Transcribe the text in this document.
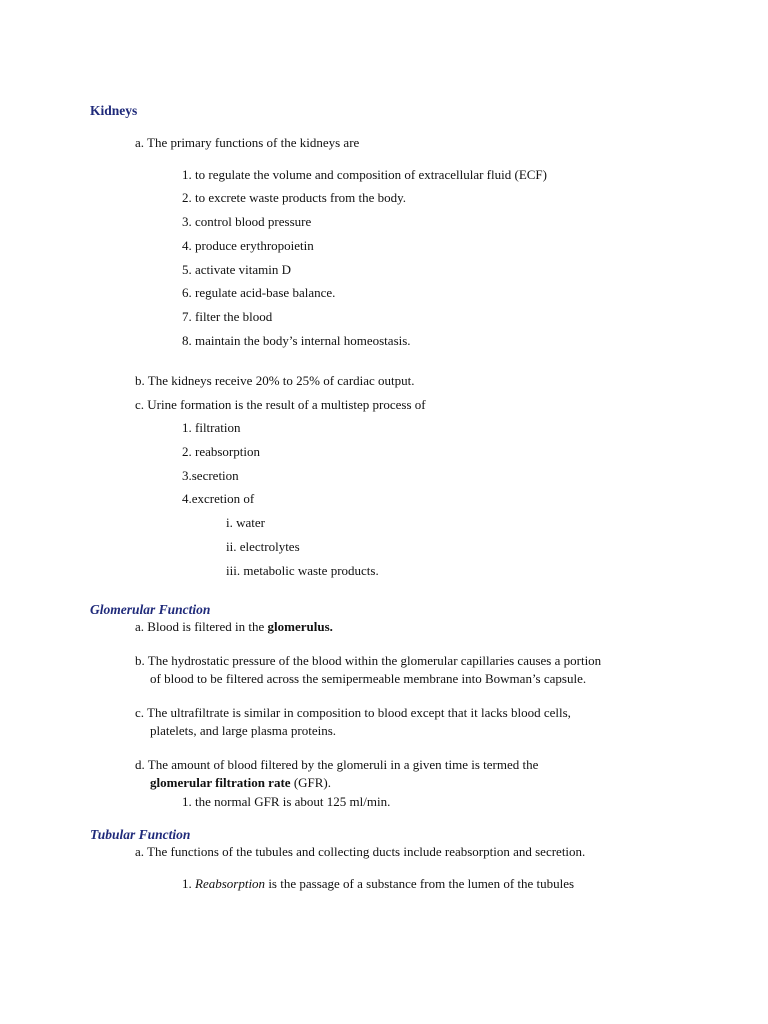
Kidneys
a. The primary functions of the kidneys are
1. to regulate the volume and composition of extracellular fluid (ECF)
2. to excrete waste products from the body.
3. control blood pressure
4. produce erythropoietin
5. activate vitamin D
6. regulate acid-base balance.
7. filter the blood
8. maintain the body’s internal homeostasis.
b. The kidneys receive 20% to 25% of cardiac output.
c. Urine formation is the result of a multistep process of
1. filtration
2. reabsorption
3.secretion
4.excretion of
i. water
ii. electrolytes
iii. metabolic waste products.
Glomerular Function
a. Blood is filtered in the glomerulus.
b. The hydrostatic pressure of the blood within the glomerular capillaries causes a portion
of blood to be filtered across the semipermeable membrane into Bowman’s capsule.
c. The ultrafiltrate is similar in composition to blood except that it lacks blood cells,
platelets, and large plasma proteins.
d. The amount of blood filtered by the glomeruli in a given time is termed the
glomerular filtration rate (GFR).
1. the normal GFR is about 125 ml/min.
Tubular Function
a. The functions of the tubules and collecting ducts include reabsorption and secretion.
1. Reabsorption is the passage of a substance from the lumen of the tubules
